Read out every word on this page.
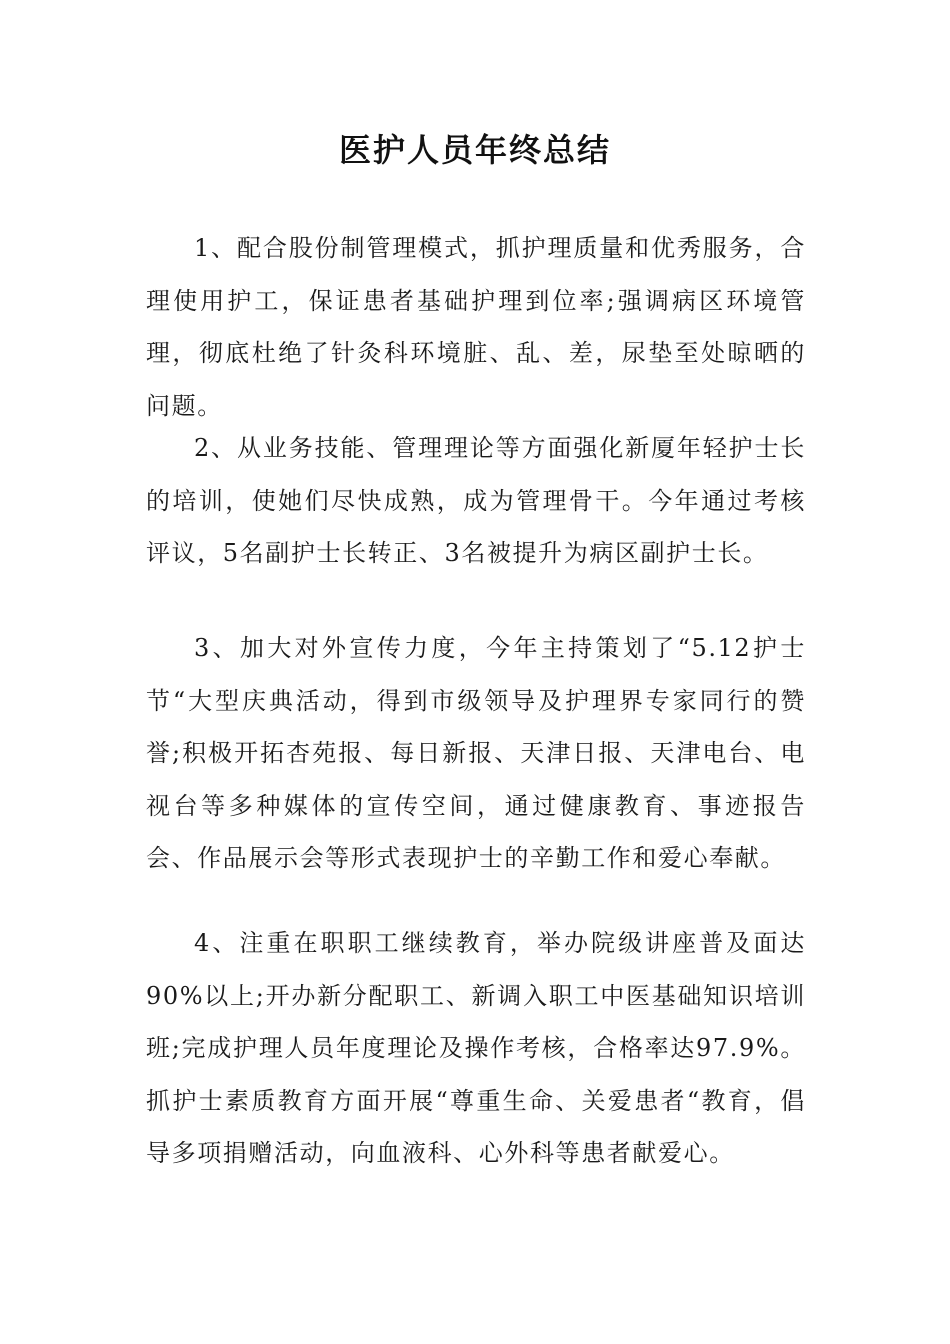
医护人员年终总结

1、配合股份制管理模式，抓护理质量和优秀服务，合理使用护工，保证患者基础护理到位率;强调病区环境管理，彻底杜绝了针灸科环境脏、乱、差，尿垫至处晾晒的问题。

2、从业务技能、管理理论等方面强化新厦年轻护士长的培训，使她们尽快成熟，成为管理骨干。今年通过考核评议，5名副护士长转正、3名被提升为病区副护士长。

3、加大对外宣传力度，今年主持策划了“5.12护士节“大型庆典活动，得到市级领导及护理界专家同行的赞誉;积极开拓杏苑报、每日新报、天津日报、天津电台、电视台等多种媒体的宣传空间，通过健康教育、事迹报告会、作品展示会等形式表现护士的辛勤工作和爱心奉献。

4、注重在职职工继续教育，举办院级讲座普及面达90%以上;开办新分配职工、新调入职工中医基础知识培训班;完成护理人员年度理论及操作考核，合格率达97.9%。抓护士素质教育方面开展“尊重生命、关爱患者“教育，倡导多项捐赠活动，向血液科、心外科等患者献爱心。
